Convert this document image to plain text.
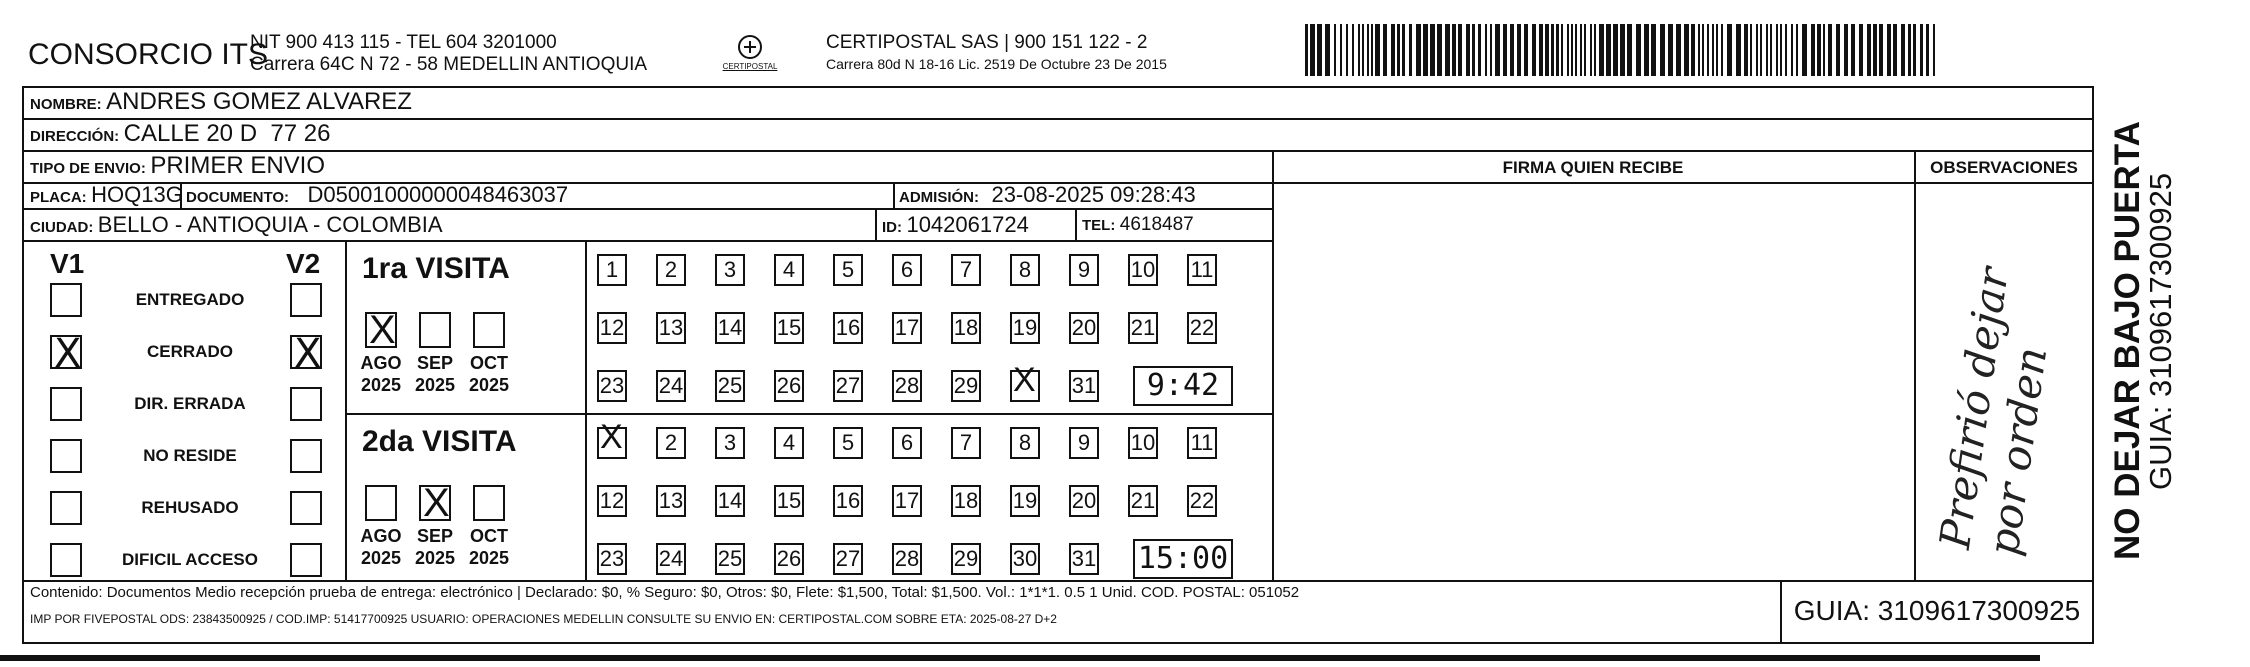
CONSORCIO ITS
NIT 900 413 115 - TEL 604 3201000
Carrera 64C N 72 - 58 MEDELLIN ANTIOQUIA	CERTIPOSTAL
CERTIPOSTAL SAS | 900 151 122 - 2
Carrera 80d N 18-16 Lic. 2519 De Octubre 23 De 2015
NOMBRE: ANDRES GOMEZ ALVAREZ
DIRECCIÓN: CALLE 20 D  77 26
TIPO DE ENVIO: PRIMER ENVIO	FIRMA QUIEN RECIBE	OBSERVACIONES
PLACA: HOQ13G DOCUMENTO: D05001000000048463037	ADMISIÓN: 23-08-2025 09:28:43
CIUDAD: BELLO - ANTIOQUIA - COLOMBIA	ID: 1042061724	TEL: 4618487
V1	V2
ENTREGADO
X
X
CERRADO
DIR. ERRADA
NO RESIDE
REHUSADO
DIFICIL ACCESO
1ra VISITA
X
AGO
2025
SEP
2025
OCT
2025
1	2	3	4	5	6	7	8	9	10 11
12 13 14 15 16 17 18 19 20 21 22
23 24 25 26 27 28 29
X	31	9:42
2da VISITA
AGO
2025
X
SEP
2025
OCT
2025
X
2	3	4	5	6	7	8	9	10 11
12 13 14 15 16 17 18 19 20 21 22
23 24 25 26 27 28 29 30 31 15:00
Prefirió dejar por orden	NO DEJAR BAJO PUERTA
GUIA: 3109617300925
Contenido: Documentos Medio recepción prueba de entrega: electrónico | Declarado: $0, % Seguro: $0, Otros: $0, Flete: $1,500, Total: $1,500. Vol.: 1*1*1. 0.5 1 Unid. COD. POSTAL: 051052
IMP POR FIVEPOSTAL ODS: 23843500925 / COD.IMP: 51417700925 USUARIO: OPERACIONES MEDELLIN CONSULTE SU ENVIO EN: CERTIPOSTAL.COM SOBRE ETA: 2025-08-27 D+2	GUIA: 3109617300925
